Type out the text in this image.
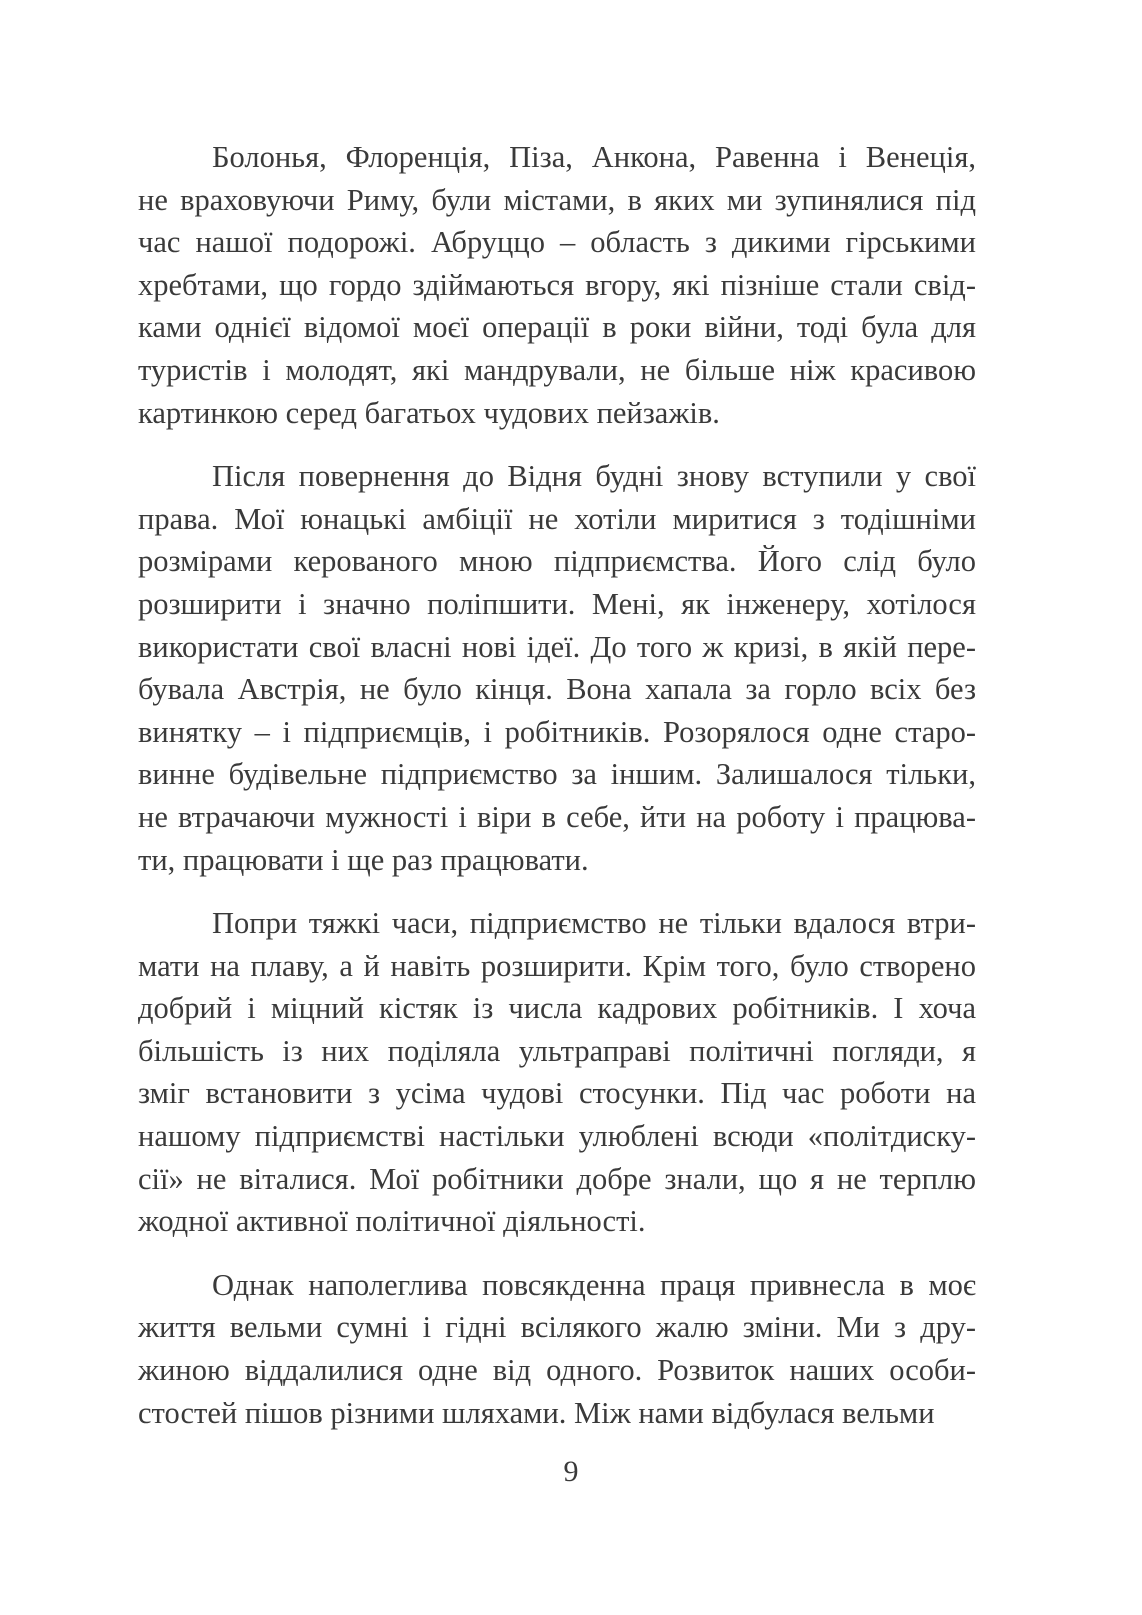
Болонья, Флоренція, Піза, Анкона, Равенна і Венеція,
не враховуючи Риму, були містами, в яких ми зупинялися під
час нашої подорожі. Абруццо – область з дикими гірськими
хребтами, що гордо здіймаються вгору, які пізніше стали свід-
ками однієї відомої моєї операції в роки війни, тоді була для
туристів і молодят, які мандрували, не більше ніж красивою
картинкою серед багатьох чудових пейзажів.
Після повернення до Відня будні знову вступили у свої
права. Мої юнацькі амбіції не хотіли миритися з тодішніми
розмірами керованого мною підприємства. Його слід було
розширити і значно поліпшити. Мені, як інженеру, хотілося
використати свої власні нові ідеї. До того ж кризі, в якій пере-
бувала Австрія, не було кінця. Вона хапала за горло всіх без
винятку – і підприємців, і робітників. Розорялося одне старо-
винне будівельне підприємство за іншим. Залишалося тільки,
не втрачаючи мужності і віри в себе, йти на роботу і працюва-
ти, працювати і ще раз працювати.
Попри тяжкі часи, підприємство не тільки вдалося втри-
мати на плаву, а й навіть розширити. Крім того, було створено
добрий і міцний кістяк із числа кадрових робітників. І хоча
більшість із них поділяла ультраправі політичні погляди, я
зміг встановити з усіма чудові стосунки. Під час роботи на
нашому підприємстві настільки улюблені всюди «політдиску-
сії» не віталися. Мої робітники добре знали, що я не терплю
жодної активної політичної діяльності.
Однак наполеглива повсякденна праця привнесла в моє
життя вельми сумні і гідні всілякого жалю зміни. Ми з дру-
жиною віддалилися одне від одного. Розвиток наших особи-
стостей пішов різними шляхами. Між нами відбулася вельми
9
